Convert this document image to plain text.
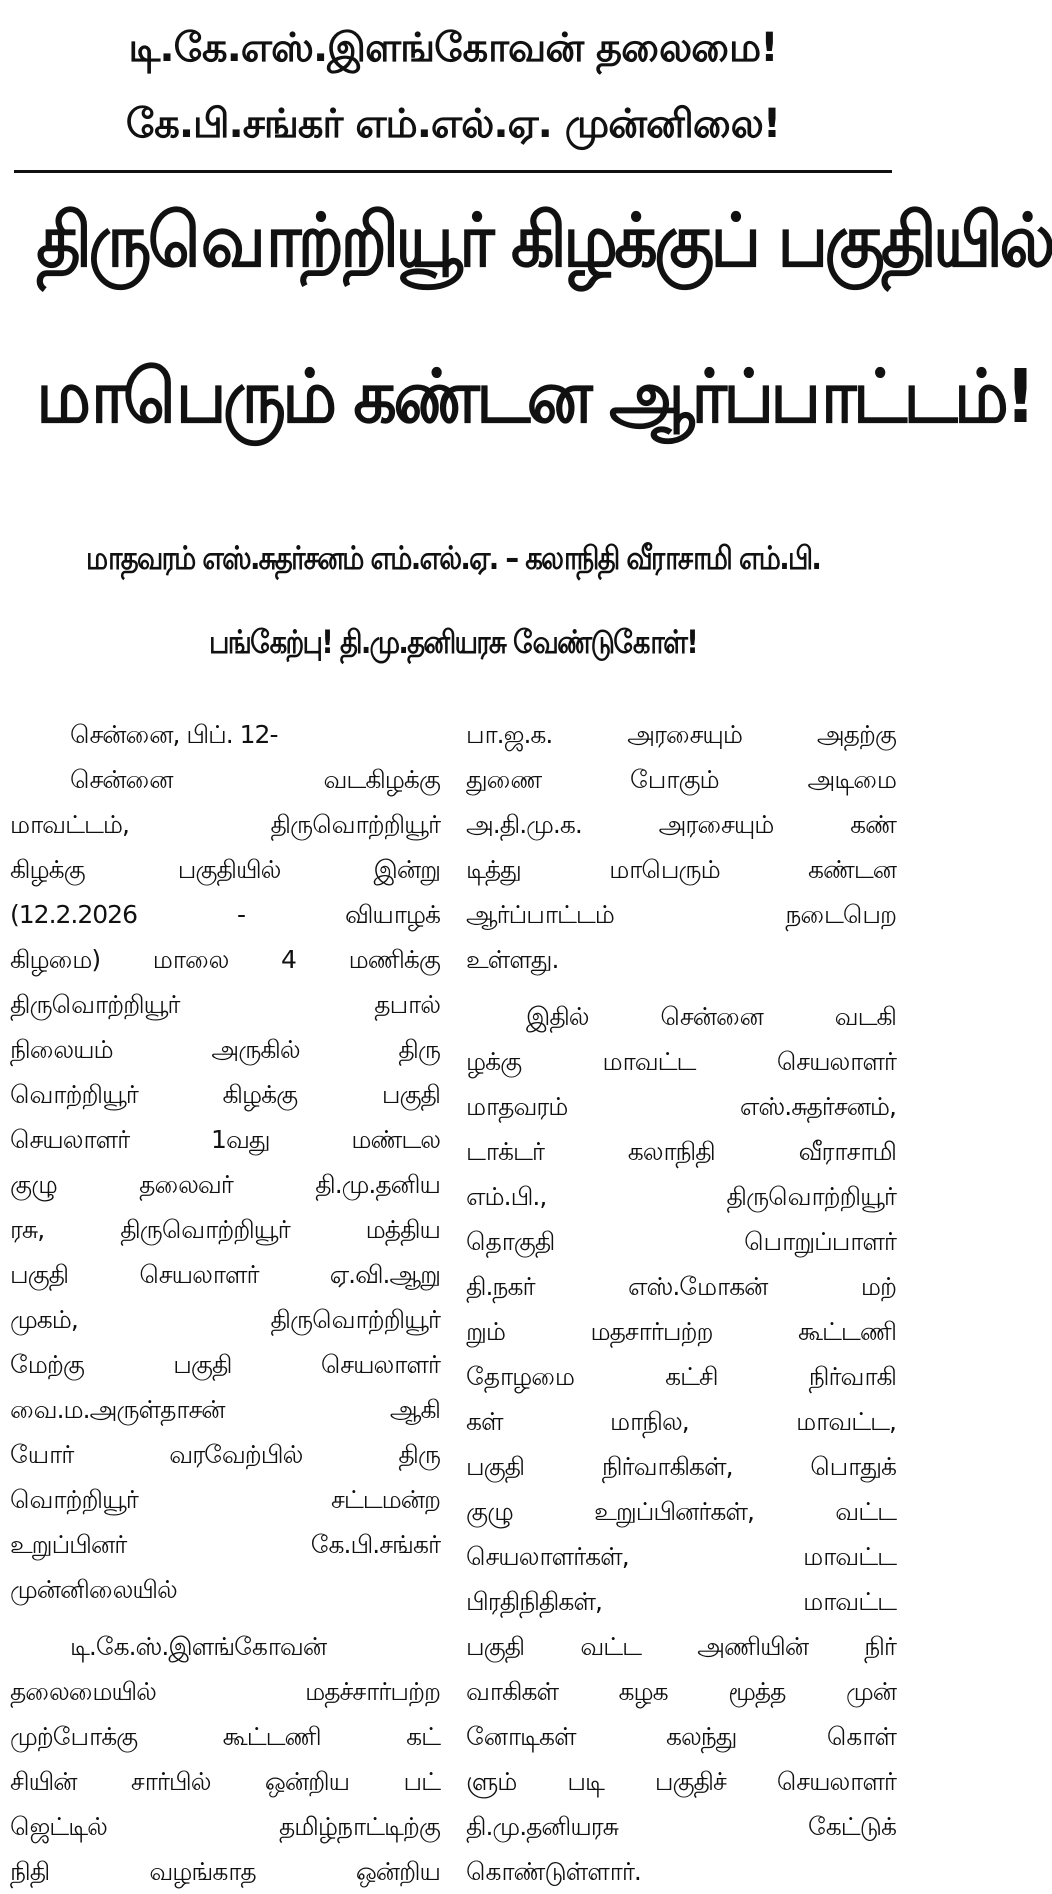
டி.கே.எஸ்.இளங்கோவன் தலைமை!
கே.பி.சங்கர் எம்.எல்.ஏ. முன்னிலை!
திருவொற்றியூர் கிழக்குப் பகுதியில்
மாபெரும் கண்டன ஆர்ப்பாட்டம்!
மாதவரம் எஸ்.சுதர்சனம் எம்.எல்.ஏ. – கலாநிதி வீராசாமி எம்.பி.
பங்கேற்பு! தி.மு.தனியரசு வேண்டுகோள்!
சென்னை, பிப். 12-
சென்னை வடகிழக்கு
மாவட்டம், திருவொற்றியூர்
கிழக்கு பகுதியில் இன்று
(12.2.2026 - வியாழக்
கிழமை) மாலை 4 மணிக்கு
திருவொற்றியூர் தபால்
நிலையம் அருகில் திரு
வொற்றியூர் கிழக்கு பகுதி
செயலாளர் 1வது மண்டல
குழு தலைவர் தி.மு.தனிய
ரசு, திருவொற்றியூர் மத்திய
பகுதி செயலாளர் ஏ.வி.ஆறு
முகம், திருவொற்றியூர்
மேற்கு பகுதி செயலாளர்
வை.ம.அருள்தாசன் ஆகி
யோர் வரவேற்பில் திரு
வொற்றியூர் சட்டமன்ற
உறுப்பினர் கே.பி.சங்கர்
முன்னிலையில்
டி.கே.ஸ்.இளங்கோவன்
தலைமையில் மதச்சார்பற்ற
முற்போக்கு கூட்டணி கட்
சியின் சார்பில் ஒன்றிய பட்
ஜெட்டில் தமிழ்நாட்டிற்கு
நிதி வழங்காத ஒன்றிய
பா.ஜ.க. அரசையும் அதற்கு
துணை போகும் அடிமை
அ.தி.மு.க. அரசையும் கண்
டித்து மாபெரும் கண்டன
ஆர்ப்பாட்டம் நடைபெற
உள்ளது.
இதில் சென்னை வடகி
ழக்கு மாவட்ட செயலாளர்
மாதவரம் எஸ்.சுதர்சனம்,
டாக்டர் கலாநிதி வீராசாமி
எம்.பி., திருவொற்றியூர்
தொகுதி பொறுப்பாளர்
தி.நகர் எஸ்.மோகன் மற்
றும் மதசார்பற்ற கூட்டணி
தோழமை கட்சி நிர்வாகி
கள் மாநில, மாவட்ட,
பகுதி நிர்வாகிகள், பொதுக்
குழு உறுப்பினர்கள், வட்ட
செயலாளர்கள், மாவட்ட
பிரதிநிதிகள், மாவட்ட
பகுதி வட்ட அணியின் நிர்
வாகிகள் கழக மூத்த முன்
னோடிகள் கலந்து கொள்
ளும் படி பகுதிச் செயலாளர்
தி.மு.தனியரசு கேட்டுக்
கொண்டுள்ளார்.
